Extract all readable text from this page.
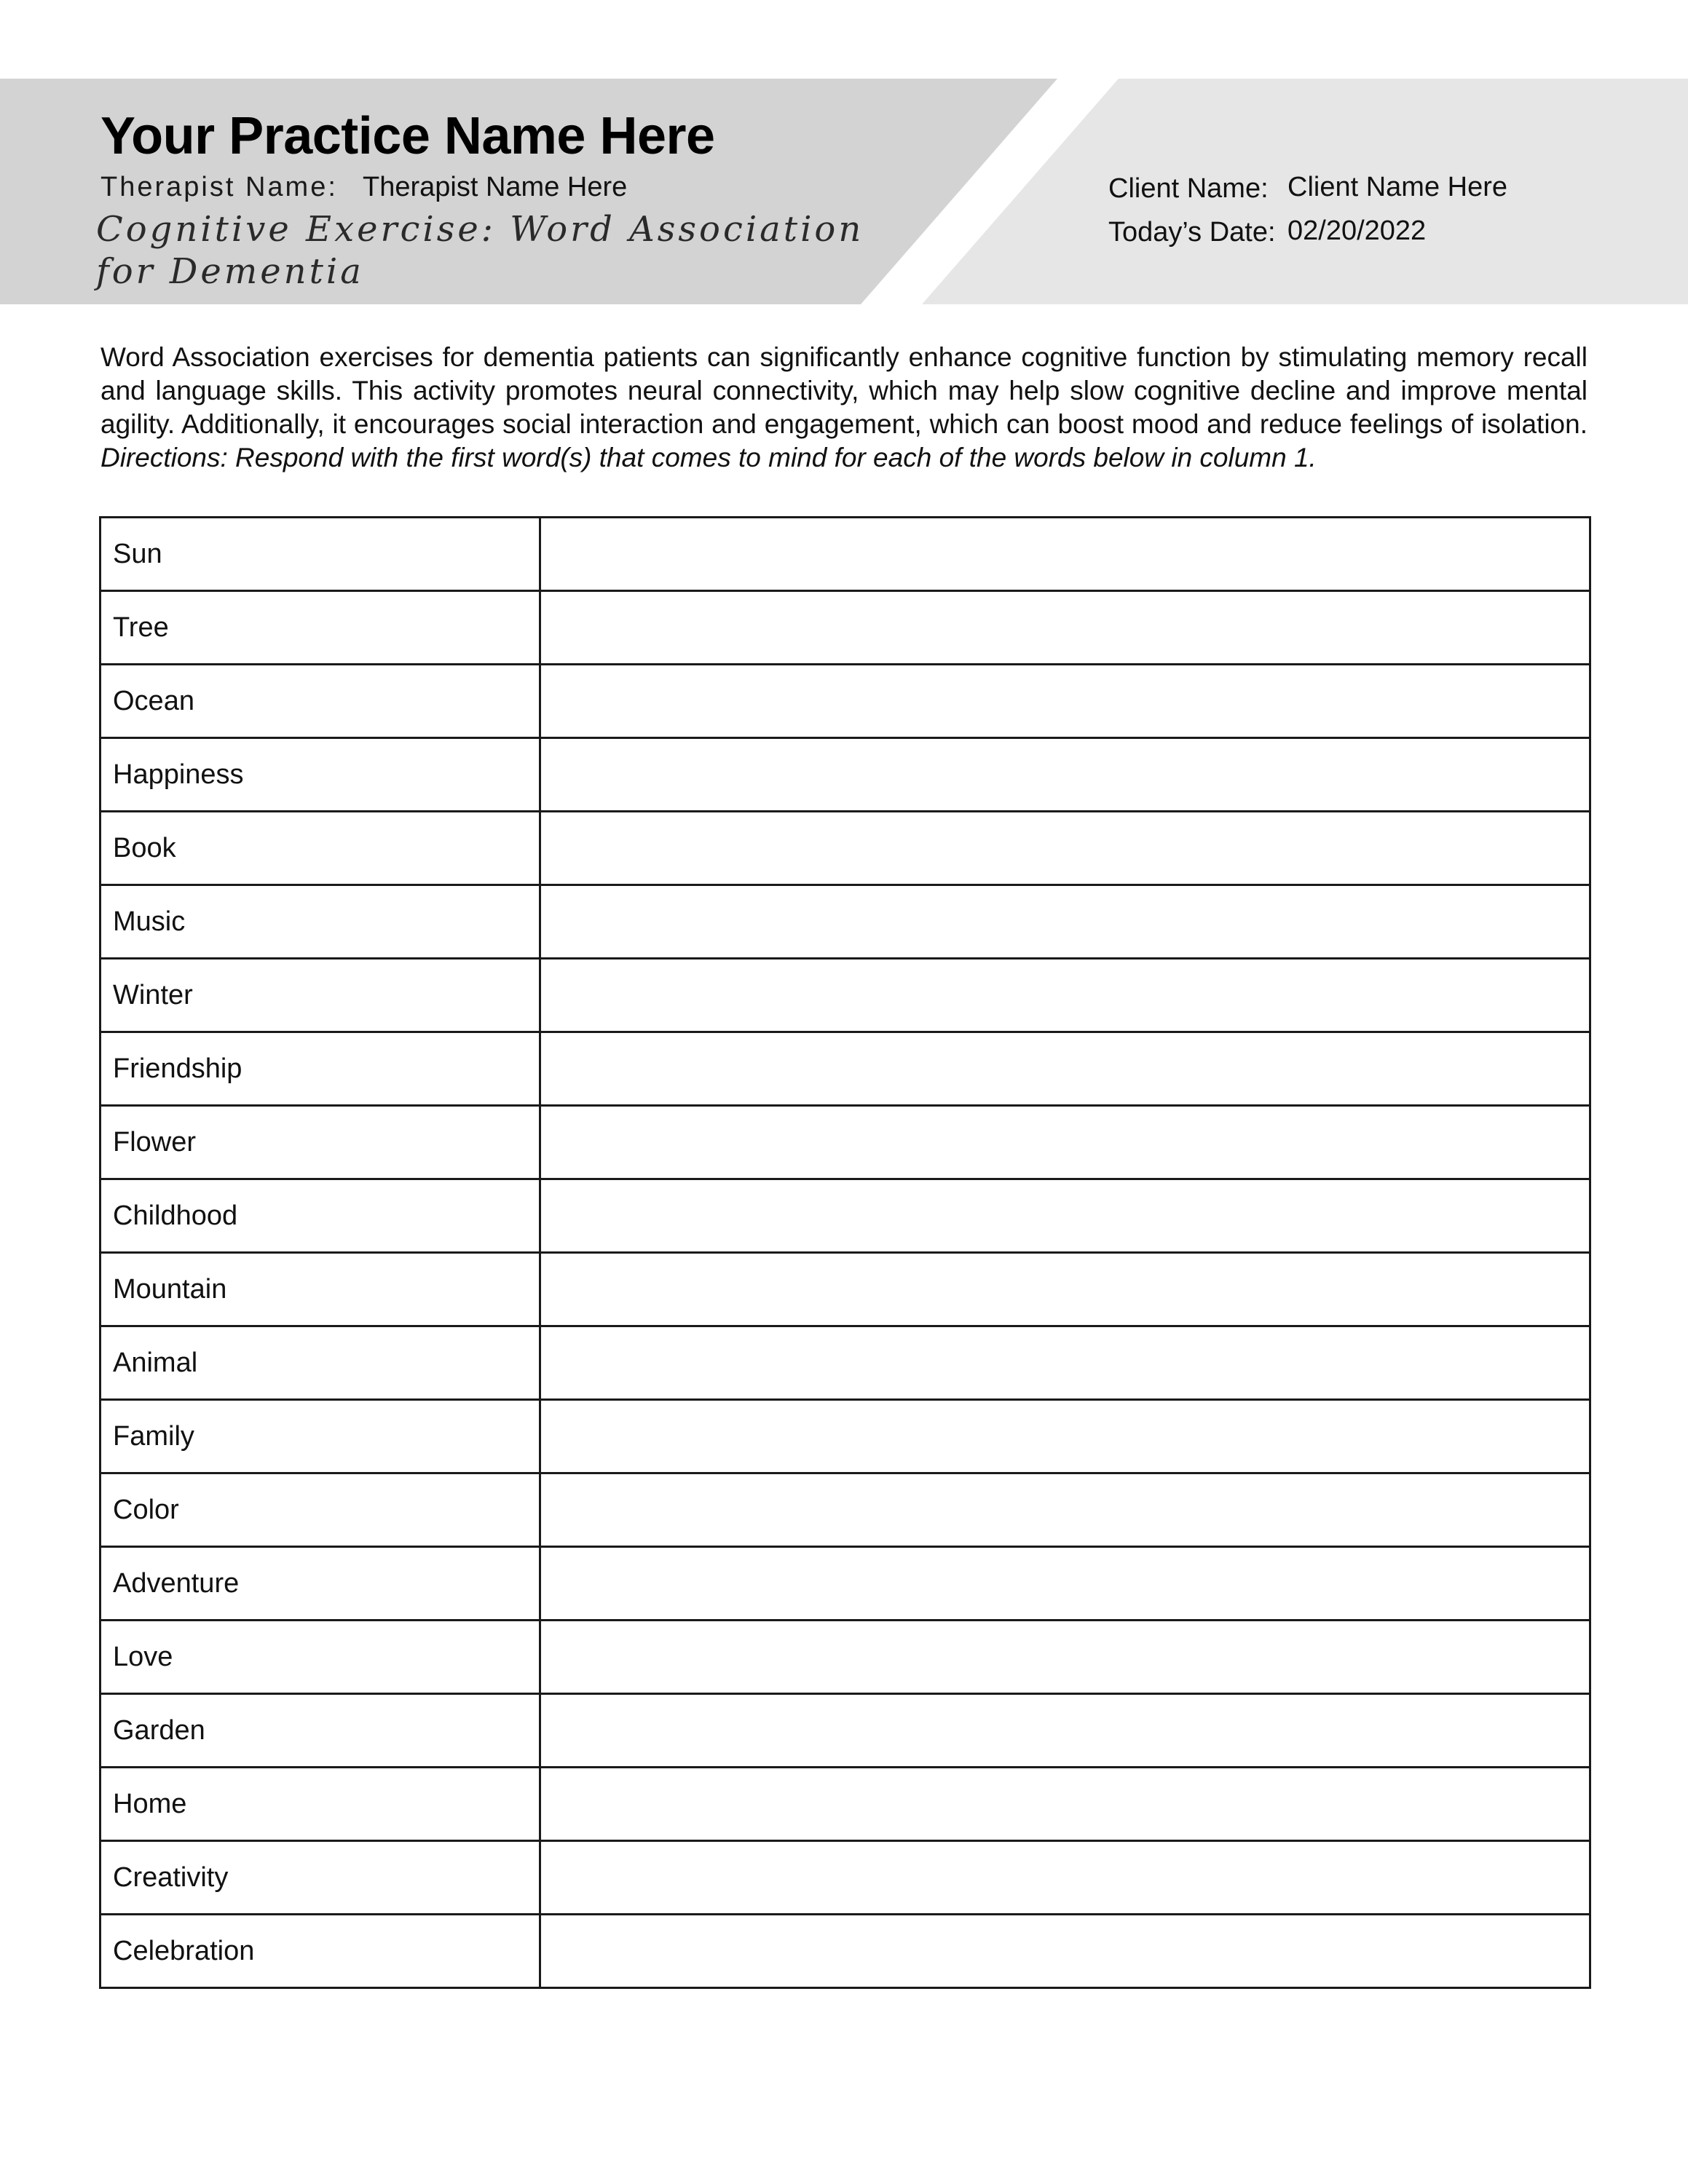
Your Practice Name Here
Therapist Name: Therapist Name Here
Cognitive Exercise: Word Association for Dementia
Client Name: Client Name Here
Today’s Date: 02/20/2022
Word Association exercises for dementia patients can significantly enhance cognitive function by stimulating memory recall and language skills. This activity promotes neural connectivity, which may help slow cognitive decline and improve mental agility. Additionally, it encourages social interaction and engagement, which can boost mood and reduce feelings of isolation. Directions: Respond with the first word(s) that comes to mind for each of the words below in column 1.
Sun	
Tree	
Ocean	
Happiness	
Book	
Music	
Winter	
Friendship	
Flower	
Childhood	
Mountain	
Animal	
Family	
Color	
Adventure	
Love	
Garden	
Home	
Creativity	
Celebration	
